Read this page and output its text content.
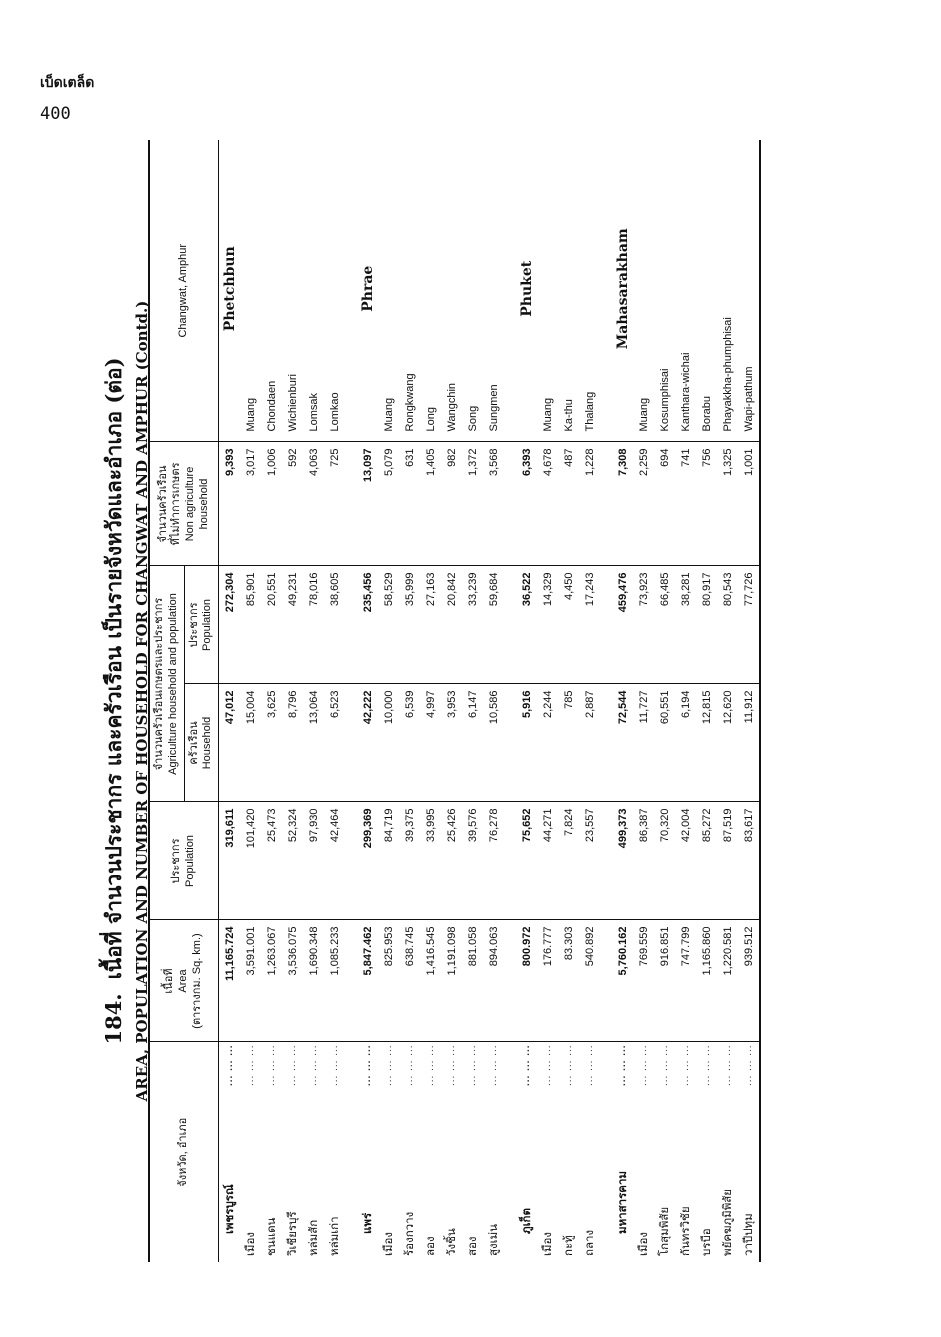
เบ็ดเตล็ด
400
184.เนื้อที่ จำนวนประชากร และครัวเรือน เป็นรายจังหวัดและอำเภอ (ต่อ) AREA, POPULATION AND NUMBER OF HOUSEHOLD FOR CHANGWAT AND AMPHUR (Contd.)
จังหวัด, อำเภอ		เนื้อที่ Area (ตารางกม. Sq. km.)	ประชากร Population	จำนวนครัวเรือนเกษตรและประชากร Agriculture household and population		จำนวนครัวเรือน ที่ไม่ทำการเกษตร Non agriculture household	Changwat, Amphur

				ครัวเรือน Household	ประชากร Population		

เพชรบูรณ์	... ... ...	11,165.724	319,611	47,012	272,304	9,393	Phetchbun
เมือง	... ... ...	3,591.001	101,420	15,004	85,901	3,017	Muang
ชนแดน	... ... ...	1,263.067	25,473	3,625	20,551	1,006	Chondaen
วิเชียรบุรี	... ... ...	3,536.075	52,324	8,796	49,231	592	Wichienburi
หล่มสัก	... ... ...	1,690.348	97,930	13,064	78,016	4,063	Lomsak
หล่มเก่า	... ... ...	1,085.233	42,464	6,523	38,605	725	Lomkao

แพร่	... ... ...	5,847.462	299,369	42,222	235,456	13,097	Phrae
เมือง	... ... ...	825.953	84,719	10,000	58,529	5,079	Muang
ร้องกวาง	... ... ...	638.745	39,375	6,539	35,999	631	Rongkwang
ลอง	... ... ...	1,416.545	33,995	4,997	27,163	1,405	Long
วังชิ้น	... ... ...	1,191.098	25,426	3,953	20,842	982	Wangchin
สอง	... ... ...	881.058	39,576	6,147	33,239	1,372	Song
สูงเม่น	... ... ...	894.063	76,278	10,586	59,684	3,568	Sungmen

ภูเก็ต	... ... ...	800.972	75,652	5,916	36,522	6,393	Phuket
เมือง	... ... ...	176.777	44,271	2,244	14,329	4,678	Muang
กะทู้	... ... ...	83.303	7,824	785	4,450	487	Ka-thu
ถลาง	... ... ...	540.892	23,557	2,887	17,243	1,228	Thalang

มหาสารคาม	... ... ...	5,760.162	499,373	72,544	459,476	7,308	Mahasarakham
เมือง	... ... ...	769.559	86,387	11,727	73,923	2,259	Muang
โกสุมพิสัย	... ... ...	916.851	70,320	60,551	66,485	694	Kosumphisai
กันทรวิชัย	... ... ...	747.799	42,004	6,194	38,281	741	Kanthara-wichai
บรบือ	... ... ...	1,165.860	85,272	12,815	80,917	756	Borabu
พยัคฆภูมิพิสัย	... ... ...	1,220.581	87,519	12,620	80,543	1,325	Phayakkha-phumphisai
วาปีปทุม	... ... ...	939.512	83,617	11,912	77,726	1,001	Wapi-pathum
